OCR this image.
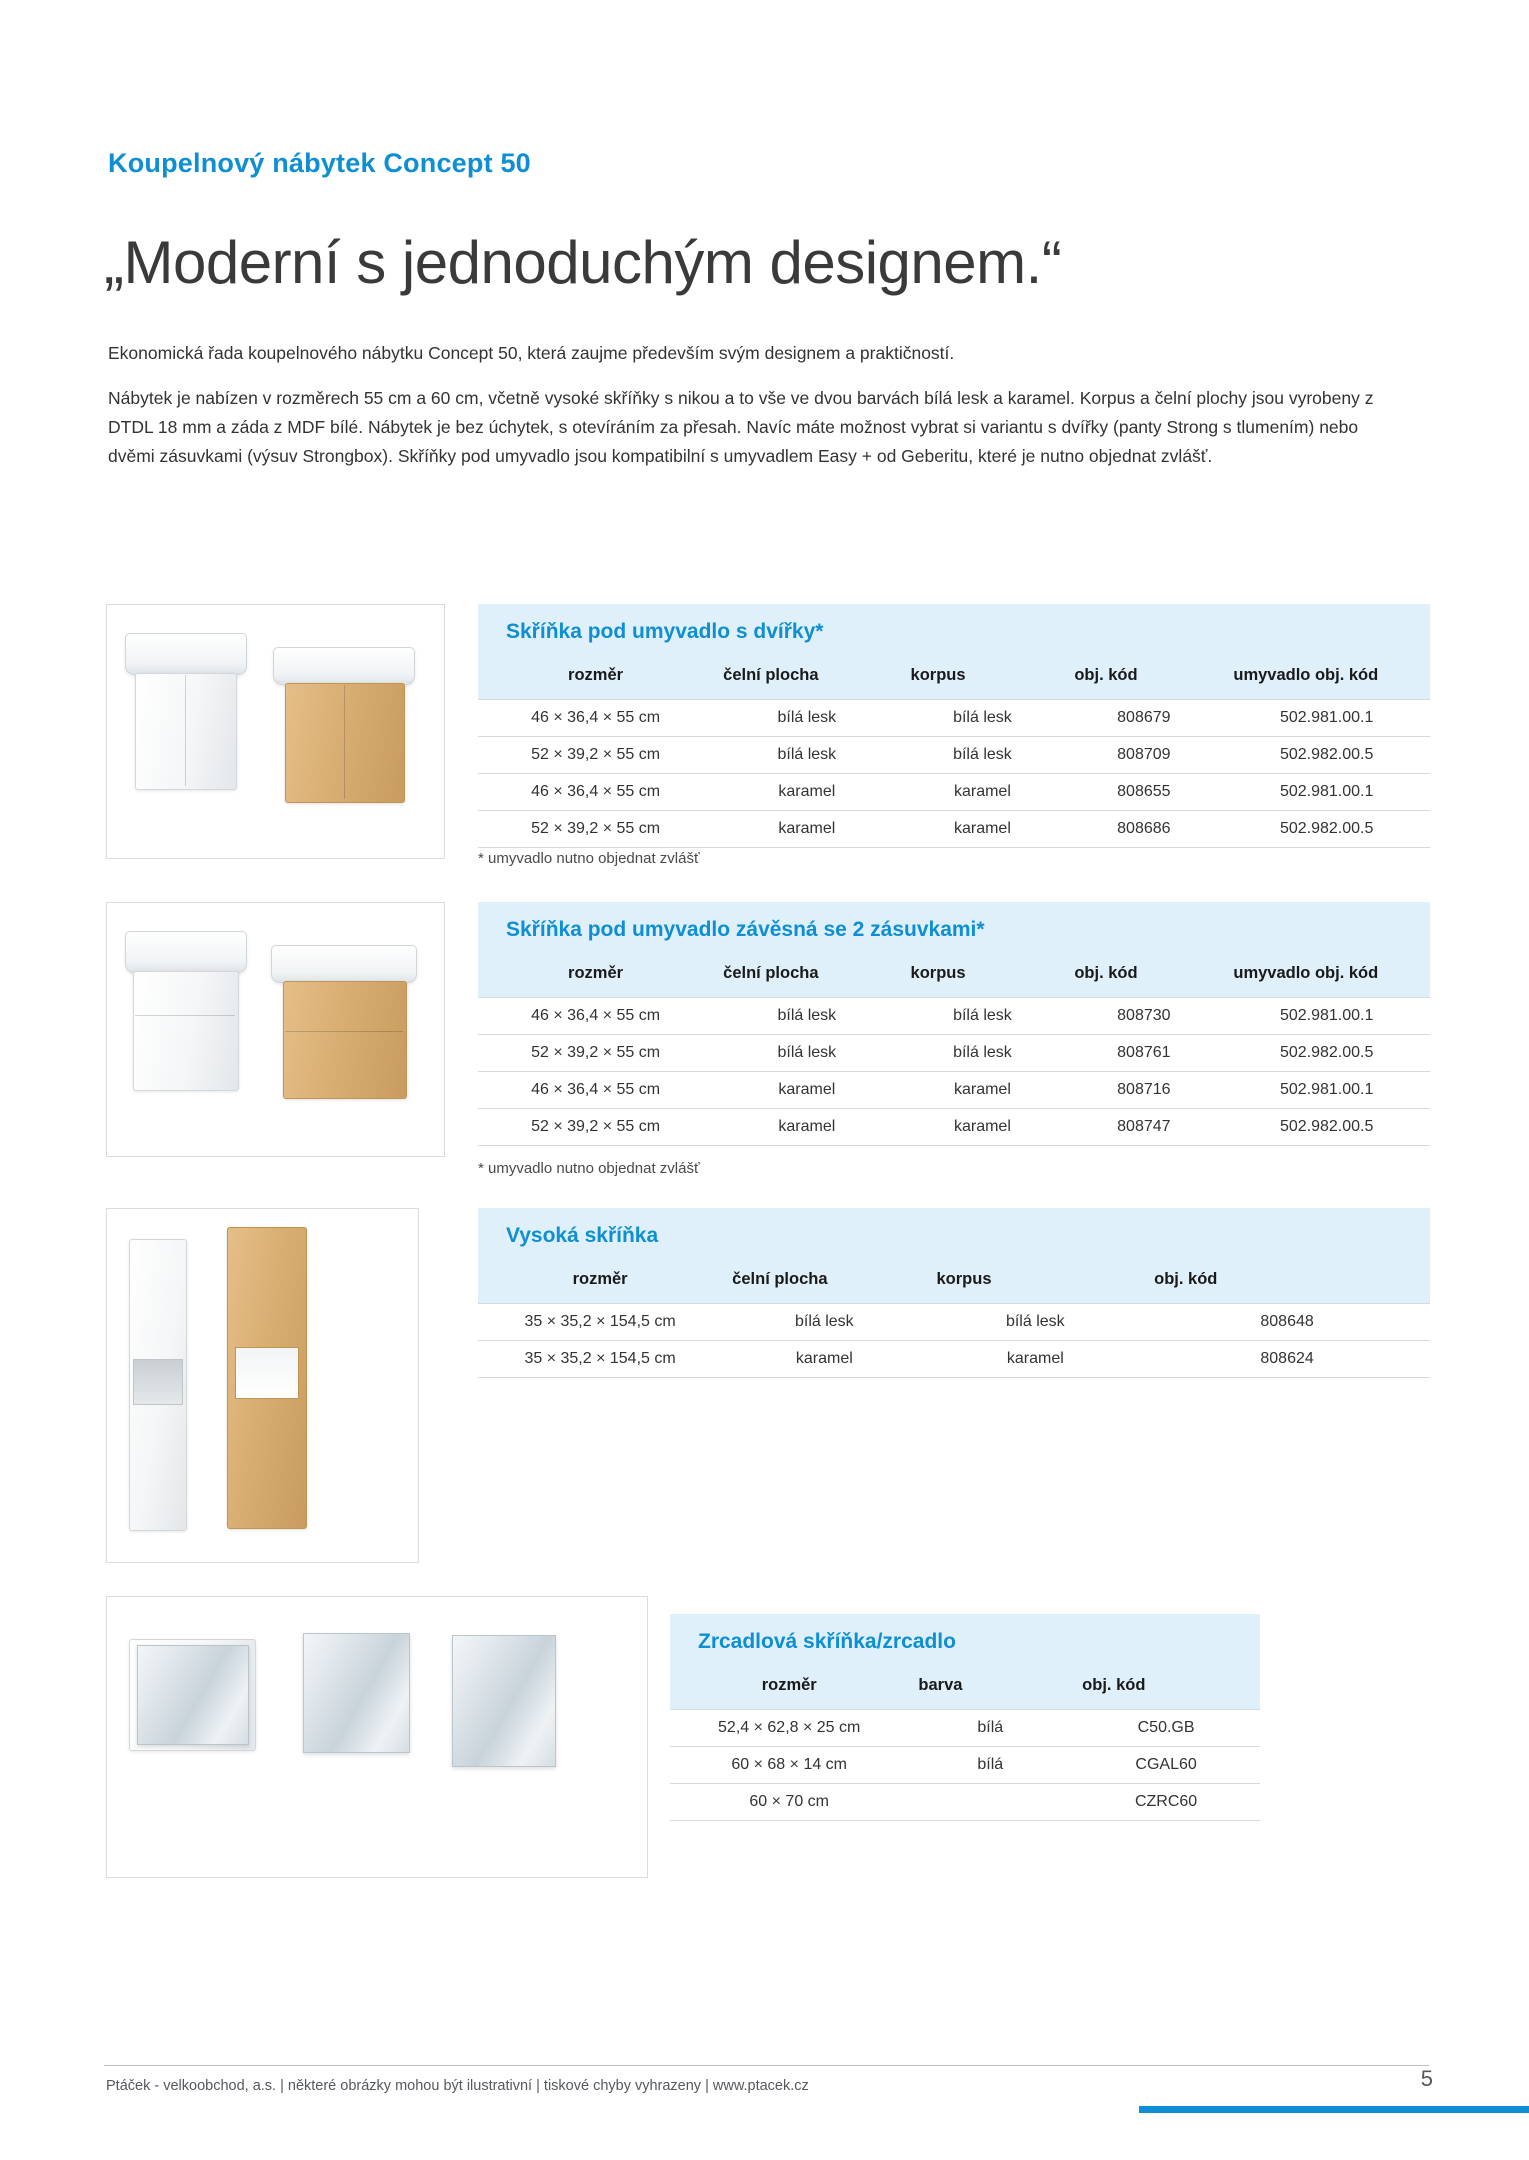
Koupelnový nábytek Concept 50
„Moderní s jednoduchým designem.“

Ekonomická řada koupelnového nábytku Concept 50, která zaujme především svým designem a praktičností.

Nábytek je nabízen v rozměrech 55 cm a 60 cm, včetně vysoké skříňky s nikou a to vše ve dvou barvách bílá lesk a karamel. Korpus a čelní plochy jsou vyrobeny z DTDL 18 mm a záda z MDF bílé. Nábytek je bez úchytek, s otevíráním za přesah. Navíc máte možnost vybrat si variantu s dvířky (panty Strong s tlumením) nebo dvěmi zásuvkami (výsuv Strongbox). Skříňky pod umyvadlo jsou kompatibilní s umyvadlem Easy + od Geberitu, které je nutno objednat zvlášť.

Skříňka pod umyvadlo s dvířky*				
rozměr	čelní plocha	korpus	obj. kód	umyvadlo obj. kód
46 × 36,4 × 55 cm	bílá lesk	bílá lesk	808679	502.981.00.1
52 × 39,2 × 55 cm	bílá lesk	bílá lesk	808709	502.982.00.5
46 × 36,4 × 55 cm	karamel	karamel	808655	502.981.00.1
52 × 39,2 × 55 cm	karamel	karamel	808686	502.982.00.5
* umyvadlo nutno objednat zvlášť
Skříňka pod umyvadlo závěsná se 2 zásuvkami*				
rozměr	čelní plocha	korpus	obj. kód	umyvadlo obj. kód
46 × 36,4 × 55 cm	bílá lesk	bílá lesk	808730	502.981.00.1
52 × 39,2 × 55 cm	bílá lesk	bílá lesk	808761	502.982.00.5
46 × 36,4 × 55 cm	karamel	karamel	808716	502.981.00.1
52 × 39,2 × 55 cm	karamel	karamel	808747	502.982.00.5
* umyvadlo nutno objednat zvlášť
Vysoká skříňka			
rozměr	čelní plocha	korpus	obj. kód
35 × 35,2 × 154,5 cm	bílá lesk	bílá lesk	808648
35 × 35,2 × 154,5 cm	karamel	karamel	808624
Zrcadlová skříňka/zrcadlo		
rozměr	barva	obj. kód
52,4 × 62,8 × 25 cm	bílá	C50.GB
60 × 68 × 14 cm	bílá	CGAL60
60 × 70 cm		CZRC60
Ptáček - velkoobchod, a.s. | některé obrázky mohou být ilustrativní | tiskové chyby vyhrazeny | www.ptacek.cz	5
